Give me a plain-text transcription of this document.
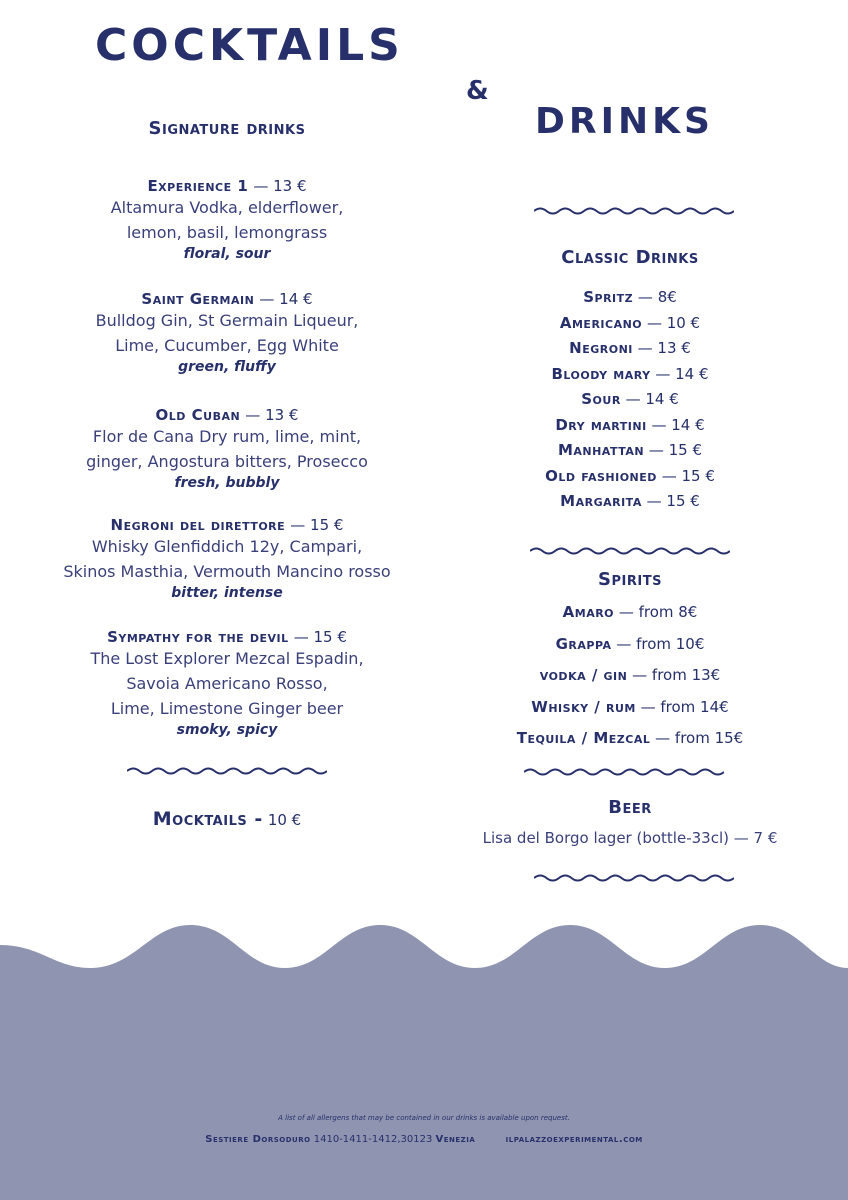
COCKTAILS
&
DRINKS
Signature drinks
Experience 1 — 13 €
Altamura Vodka, elderflower,
lemon, basil, lemongrass
floral, sour
Saint Germain — 14 €
Bulldog Gin, St Germain Liqueur,
Lime, Cucumber, Egg White
green, fluffy
Old Cuban — 13 €
Flor de Cana Dry rum, lime, mint,
ginger, Angostura bitters, Prosecco
fresh, bubbly
Negroni del direttore — 15 €
Whisky Glenfiddich 12y, Campari,
Skinos Masthia, Vermouth Mancino rosso
bitter, intense
Sympathy for the devil — 15 €
The Lost Explorer Mezcal Espadin,
Savoia Americano Rosso,
Lime, Limestone Ginger beer
smoky, spicy
Mocktails - 10 €
Classic Drinks
Spritz — 8€
Americano — 10 €
Negroni — 13 €
Bloody mary — 14 €
Sour — 14 €
Dry martini — 14 €
Manhattan — 15 €
Old fashioned — 15 €
Margarita — 15 €
Spirits
Amaro — from 8€
Grappa — from 10€
vodka / gin — from 13€
Whisky / rum — from 14€
Tequila / Mezcal — from 15€
Beer
Lisa del Borgo lager (bottle-33cl) — 7 €
A list of all allergens that may be contained in our drinks is available upon request.
Sestiere Dorsoduro 1410-1411-1412,30123 Venezia	ilpalazzoexperimental.com
